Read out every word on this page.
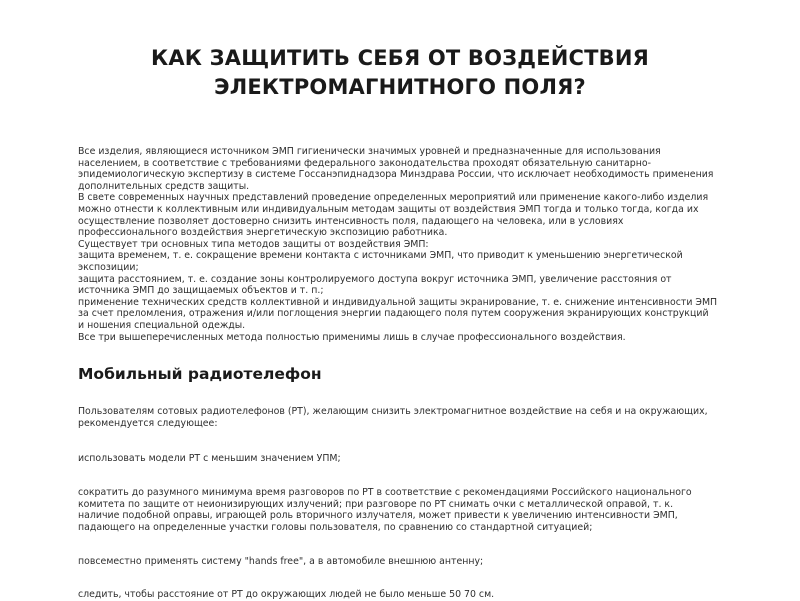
КАК ЗАЩИТИТЬ СЕБЯ ОТ ВОЗДЕЙСТВИЯ
ЭЛЕКТРОМАГНИТНОГО ПОЛЯ?

Все изделия, являющиеся источником ЭМП гигиенически значимых уровней и предназначенные для использования

населением, в соответствие с требованиями федерального законодательства проходят обязательную санитарно-

эпидемиологическую экспертизу в системе Госсанэпиднадзора Минздрава России, что исключает необходимость применения

дополнительных средств защиты.

В свете современных научных представлений проведение определенных мероприятий или применение какого-либо изделия

можно отнести к коллективным или индивидуальным методам защиты от воздействия ЭМП тогда и только тогда, когда их

осуществление позволяет достоверно снизить интенсивность поля, падающего на человека, или в условиях

профессионального воздействия энергетическую экспозицию работника.

Существует три основных типа методов защиты от воздействия ЭМП:

защита временем, т. е. сокращение времени контакта с источниками ЭМП, что приводит к уменьшению энергетической

экспозиции;

защита расстоянием, т. е. создание зоны контролируемого доступа вокруг источника ЭМП, увеличение расстояния от

источника ЭМП до защищаемых объектов и т. п.;

применение технических средств коллективной и индивидуальной защиты экранирование, т. е. снижение интенсивности ЭМП

за счет преломления, отражения и/или поглощения энергии падающего поля путем сооружения экранирующих конструкций

и ношения специальной одежды.

Все три вышеперечисленных метода полностью применимы лишь в случае профессионального воздействия.

Мобильный радиотелефон
Пользователям сотовых радиотелефонов (РТ), желающим снизить электромагнитное воздействие на себя и на окружающих,
рекомендуется следующее:
использовать модели РТ с меньшим значением УПМ;
сократить до разумного минимума время разговоров по РТ в соответствие с рекомендациями Российского национального
комитета по защите от неионизирующих излучений; при разговоре по РТ снимать очки с металлической оправой, т. к.
наличие подобной оправы, играющей роль вторичного излучателя, может привести к увеличению интенсивности ЭМП,
падающего на определенные участки головы пользователя, по сравнению со стандартной ситуацией;
повсеместно применять систему "hands free", а в автомобиле внешнюю антенну;
следить, чтобы расстояние от РТ до окружающих людей не было меньше 50 70 см.
